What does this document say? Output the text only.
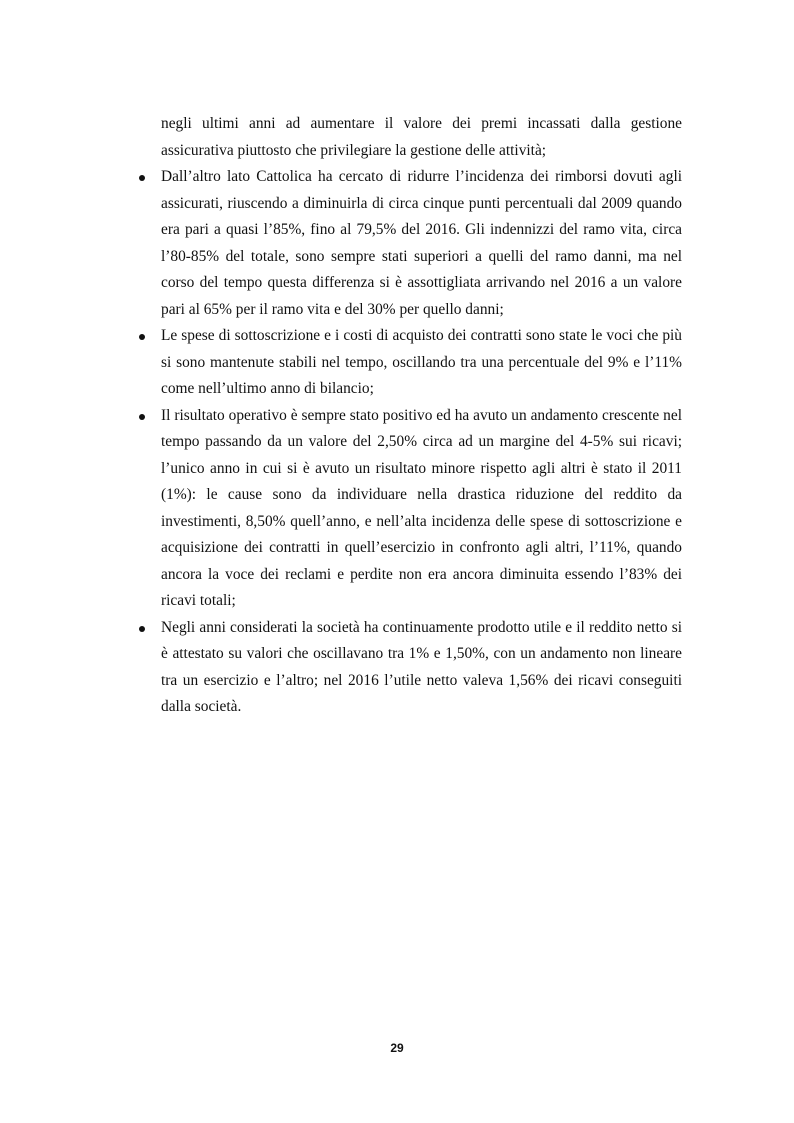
negli ultimi anni ad aumentare il valore dei premi incassati dalla gestione assicurativa piuttosto che privilegiare la gestione delle attività;

Dall’altro lato Cattolica ha cercato di ridurre l’incidenza dei rimborsi dovuti agli assicurati, riuscendo a diminuirla di circa cinque punti percentuali dal 2009 quando era pari a quasi l’85%, fino al 79,5% del 2016. Gli indennizzi del ramo vita, circa l’80-85% del totale, sono sempre stati superiori a quelli del ramo danni, ma nel corso del tempo questa differenza si è assottigliata arrivando nel 2016 a un valore pari al 65% per il ramo vita e del 30% per quello danni;
Le spese di sottoscrizione e i costi di acquisto dei contratti sono state le voci che più si sono mantenute stabili nel tempo, oscillando tra una percentuale del 9% e l’11% come nell’ultimo anno di bilancio;
Il risultato operativo è sempre stato positivo ed ha avuto un andamento crescente nel tempo passando da un valore del 2,50% circa ad un margine del 4-5% sui ricavi; l’unico anno in cui si è avuto un risultato minore rispetto agli altri è stato il 2011 (1%): le cause sono da individuare nella drastica riduzione del reddito da investimenti, 8,50% quell’anno, e nell’alta incidenza delle spese di sottoscrizione e acquisizione dei contratti in quell’esercizio in confronto agli altri, l’11%, quando ancora la voce dei reclami e perdite non era ancora diminuita essendo l’83% dei ricavi totali;
Negli anni considerati la società ha continuamente prodotto utile e il reddito netto si è attestato su valori che oscillavano tra 1% e 1,50%, con un andamento non lineare tra un esercizio e l’altro; nel 2016 l’utile netto valeva 1,56% dei ricavi conseguiti dalla società.
29
